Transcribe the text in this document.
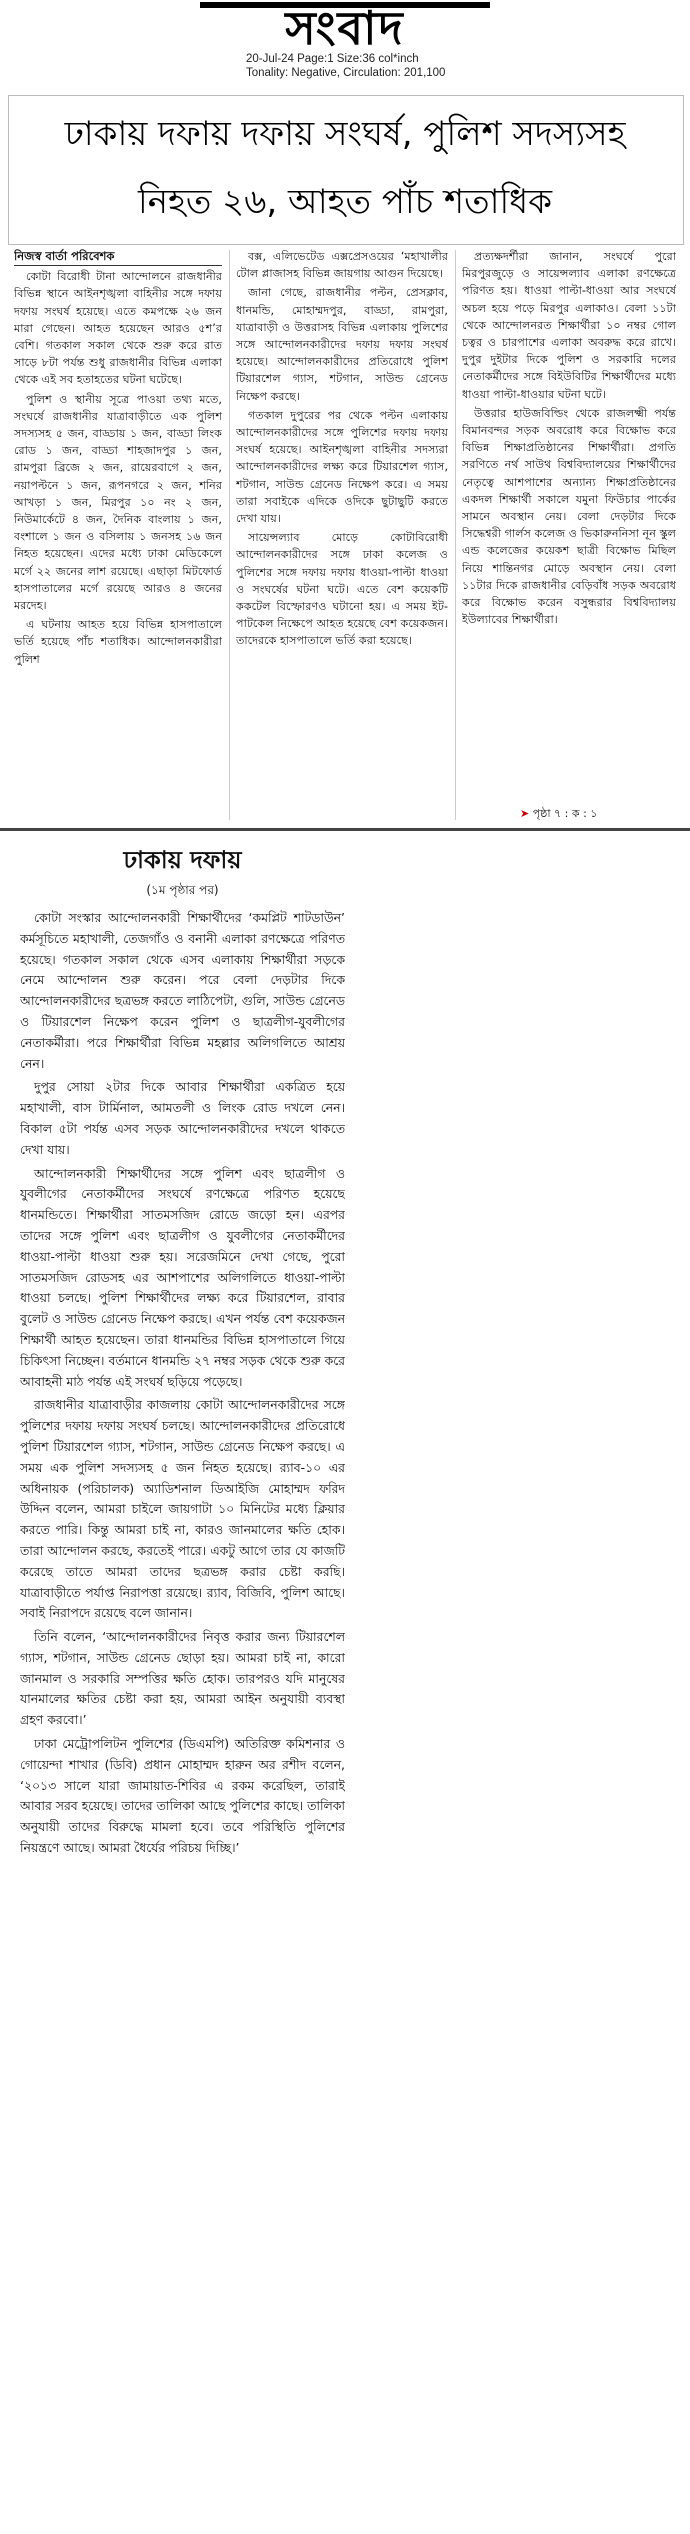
সংবাদ
20-Jul-24 Page:1 Size:36 col*inch
Tonality: Negative, Circulation: 201,100
ঢাকায় দফায় দফায় সংঘর্ষ, পুলিশ সদস্যসহ
নিহত ২৬, আহত পাঁচ শতাধিক

নিজস্ব বার্তা পরিবেশক

কোটা বিরোধী টানা আন্দোলনে রাজধানীর বিভিন্ন স্থানে আইনশৃঙ্খলা বাহিনীর সঙ্গে দফায় দফায় সংঘর্ষ হয়েছে। এতে কমপক্ষে ২৬ জন মারা গেছেন। আহত হয়েছেন আরও ৫শ’র বেশি। গতকাল সকাল থেকে শুরু করে রাত সাড়ে ৮টা পর্যন্ত শুধু রাজধানীর বিভিন্ন এলাকা থেকে এই সব হতাহতের ঘটনা ঘটেছে।

পুলিশ ও স্থানীয় সূত্রে পাওয়া তথ্য মতে, সংঘর্ষে রাজধানীর যাত্রাবাড়ীতে এক পুলিশ সদস্যসহ ৫ জন, বাড্ডায় ১ জন, বাড্ডা লিংক রোড ১ জন, বাড্ডা শাহজাদপুর ১ জন, রামপুরা ব্রিজে ২ জন, রায়েরবাগে ২ জন, নয়াপল্টনে ১ জন, রূপনগরে ২ জন, শনির আখড়া ১ জন, মিরপুর ১০ নং ২ জন, নিউমার্কেটে ৪ জন, দৈনিক বাংলায় ১ জন, বংশালে ১ জন ও বসিলায় ১ জনসহ ১৬ জন নিহত হয়েছেন। এদের মধ্যে ঢাকা মেডিকেলে মর্গে ২২ জনের লাশ রয়েছে। এছাড়া মিটফোর্ড হাসপাতালের মর্গে রয়েছে আরও ৪ জনের মরদেহ।

এ ঘটনায় আহত হয়ে বিভিন্ন হাসপাতালে ভর্তি হয়েছে পাঁচ শতাধিক। আন্দোলনকারীরা পুলিশ

বক্স, এলিভেটেড এক্সপ্রেসওয়ের ‘মহাখালীর টোল প্লাজাসহ বিভিন্ন জায়গায় আগুন দিয়েছে।

জানা গেছে, রাজধানীর পল্টন, প্রেসক্লাব, ধানমন্ডি, মোহাম্মদপুর, বাড্ডা, রামপুরা, যাত্রাবাড়ী ও উত্তরাসহ বিভিন্ন এলাকায় পুলিশের সঙ্গে আন্দোলনকারীদের দফায় দফায় সংঘর্ষ হয়েছে। আন্দোলনকারীদের প্রতিরোধে পুলিশ টিয়ারশেল গ্যাস, শটগান, সাউন্ড গ্রেনেড নিক্ষেপ করছে।

গতকাল দুপুরের পর থেকে পল্টন এলাকায় আন্দোলনকারীদের সঙ্গে পুলিশের দফায় দফায় সংঘর্ষ হয়েছে। আইনশৃঙ্খলা বাহিনীর সদস্যরা আন্দোলনকারীদের লক্ষ্য করে টিয়ারশেল গ্যাস, শটগান, সাউন্ড গ্রেনেড নিক্ষেপ করে। এ সময় তারা সবাইকে এদিকে ওদিকে ছুটাছুটি করতে দেখা যায়।

সায়েন্সল্যাব মোড়ে কোটাবিরোধী আন্দোলনকারীদের সঙ্গে ঢাকা কলেজ ও পুলিশের সঙ্গে দফায় দফায় ধাওয়া-পাল্টা ধাওয়া ও সংঘর্ষের ঘটনা ঘটে। এতে বেশ কয়েকটি ককটেল বিস্ফোরণও ঘটানো হয়। এ সময় ইট-পাটকেল নিক্ষেপে আহত হয়েছে বেশ কয়েকজন। তাদেরকে হাসপাতালে ভর্তি করা হয়েছে।

প্রত্যক্ষদর্শীরা জানান, সংঘর্ষে পুরো মিরপুরজুড়ে ও সায়েন্সল্যাব এলাকা রণক্ষেত্রে পরিণত হয়। ধাওয়া পাল্টা-ধাওয়া আর সংঘর্ষে অচল হয়ে পড়ে মিরপুর এলাকাও। বেলা ১১টা থেকে আন্দোলনরত শিক্ষার্থীরা ১০ নম্বর গোল চত্বর ও চারপাশের এলাকা অবরুদ্ধ করে রাখে। দুপুর দুইটার দিকে পুলিশ ও সরকারি দলের নেতাকর্মীদের সঙ্গে বিইউবিটির শিক্ষার্থীদের মধ্যে ধাওয়া পাল্টা-ধাওয়ার ঘটনা ঘটে।

উত্তরার হাউজবিল্ডিং থেকে রাজলক্ষ্মী পর্যন্ত বিমানবন্দর সড়ক অবরোধ করে বিক্ষোভ করে বিভিন্ন শিক্ষাপ্রতিষ্ঠানের শিক্ষার্থীরা। প্রগতি সরণিতে নর্থ সাউথ বিশ্ববিদ্যালয়ের শিক্ষার্থীদের নেতৃত্বে আশপাশের অন্যান্য শিক্ষাপ্রতিষ্ঠানের একদল শিক্ষার্থী সকালে যমুনা ফিউচার পার্কের সামনে অবস্থান নেয়। বেলা দেড়টার দিকে সিদ্ধেশ্বরী গার্লস কলেজ ও ভিকারুননিসা নূন স্কুল এন্ড কলেজের কয়েকশ ছাত্রী বিক্ষোভ মিছিল নিয়ে শান্তিনগর মোড়ে অবস্থান নেয়। বেলা ১১টার দিকে রাজধানীর বেড়িবাঁধ সড়ক অবরোধ করে বিক্ষোভ করেন বসুন্ধরার বিশ্ববিদ্যালয় ইউল্যাবের শিক্ষার্থীরা।

➤ পৃষ্ঠা ৭ : ক : ১
ঢাকায় দফায়
(১ম পৃষ্ঠার পর)

কোটা সংস্কার আন্দোলনকারী শিক্ষার্থীদের ‘কমপ্লিট শাটডাউন’ কর্মসূচিতে মহাখালী, তেজগাঁও ও বনানী এলাকা রণক্ষেত্রে পরিণত হয়েছে। গতকাল সকাল থেকে এসব এলাকায় শিক্ষার্থীরা সড়কে নেমে আন্দোলন শুরু করেন। পরে বেলা দেড়টার দিকে আন্দোলনকারীদের ছত্রভঙ্গ করতে লাঠিপেটা, গুলি, সাউন্ড গ্রেনেড ও টিয়ারশেল নিক্ষেপ করেন পুলিশ ও ছাত্রলীগ-যুবলীগের নেতাকর্মীরা। পরে শিক্ষার্থীরা বিভিন্ন মহল্লার অলিগলিতে আশ্রয় নেন।

দুপুর সোয়া ২টার দিকে আবার শিক্ষার্থীরা একত্রিত হয়ে মহাখালী, বাস টার্মিনাল, আমতলী ও লিংক রোড দখলে নেন। বিকাল ৫টা পর্যন্ত এসব সড়ক আন্দোলনকারীদের দখলে থাকতে দেখা যায়।

আন্দোলনকারী শিক্ষার্থীদের সঙ্গে পুলিশ এবং ছাত্রলীগ ও যুবলীগের নেতাকর্মীদের সংঘর্ষে রণক্ষেত্রে পরিণত হয়েছে ধানমন্ডিতে। শিক্ষার্থীরা সাতমসজিদ রোডে জড়ো হন। এরপর তাদের সঙ্গে পুলিশ এবং ছাত্রলীগ ও যুবলীগের নেতাকর্মীদের ধাওয়া-পাল্টা ধাওয়া শুরু হয়। সরেজমিনে দেখা গেছে, পুরো সাতমসজিদ রোডসহ এর আশপাশের অলিগলিতে ধাওয়া-পাল্টা ধাওয়া চলছে। পুলিশ শিক্ষার্থীদের লক্ষ্য করে টিয়ারশেল, রাবার বুলেট ও সাউন্ড গ্রেনেড নিক্ষেপ করছে। এখন পর্যন্ত বেশ কয়েকজন শিক্ষার্থী আহত হয়েছেন। তারা ধানমন্ডির বিভিন্ন হাসপাতালে গিয়ে চিকিৎসা নিচ্ছেন। বর্তমানে ধানমন্ডি ২৭ নম্বর সড়ক থেকে শুরু করে আবাহনী মাঠ পর্যন্ত এই সংঘর্ষ ছড়িয়ে পড়েছে।

রাজধানীর যাত্রাবাড়ীর কাজলায় কোটা আন্দোলনকারীদের সঙ্গে পুলিশের দফায় দফায় সংঘর্ষ চলছে। আন্দোলনকারীদের প্রতিরোধে পুলিশ টিয়ারশেল গ্যাস, শটগান, সাউন্ড গ্রেনেড নিক্ষেপ করছে। এ সময় এক পুলিশ সদস্যসহ ৫ জন নিহত হয়েছে। র‍্যাব-১০ এর অধিনায়ক (পরিচালক) অ্যাডিশনাল ডিআইজি মোহাম্মদ ফরিদ উদ্দিন বলেন, আমরা চাইলে জায়গাটা ১০ মিনিটের মধ্যে ক্লিয়ার করতে পারি। কিন্তু আমরা চাই না, কারও জানমালের ক্ষতি হোক। তারা আন্দোলন করছে, করতেই পারে। একটু আগে তার যে কাজটি করেছে তাতে আমরা তাদের ছত্রভঙ্গ করার চেষ্টা করছি। যাত্রাবাড়ীতে পর্যাপ্ত নিরাপত্তা রয়েছে। র‍্যাব, বিজিবি, পুলিশ আছে। সবাই নিরাপদে রয়েছে বলে জানান।

তিনি বলেন, ‘আন্দোলনকারীদের নিবৃত্ত করার জন্য টিয়ারশেল গ্যাস, শটগান, সাউন্ড গ্রেনেড ছোড়া হয়। আমরা চাই না, কারো জানমাল ও সরকারি সম্পত্তির ক্ষতি হোক। তারপরও যদি মানুষের যানমালের ক্ষতির চেষ্টা করা হয়, আমরা আইন অনুযায়ী ব্যবস্থা গ্রহণ করবো।’

ঢাকা মেট্রোপলিটন পুলিশের (ডিএমপি) অতিরিক্ত কমিশনার ও গোয়েন্দা শাখার (ডিবি) প্রধান মোহাম্মদ হারুন অর রশীদ বলেন, ‘২০১৩ সালে যারা জামায়াত-শিবির এ রকম করেছিল, তারাই আবার সরব হয়েছে। তাদের তালিকা আছে পুলিশের কাছে। তালিকা অনুযায়ী তাদের বিরুদ্ধে মামলা হবে। তবে পরিস্থিতি পুলিশের নিয়ন্ত্রণে আছে। আমরা ধৈর্যের পরিচয় দিচ্ছি।’
